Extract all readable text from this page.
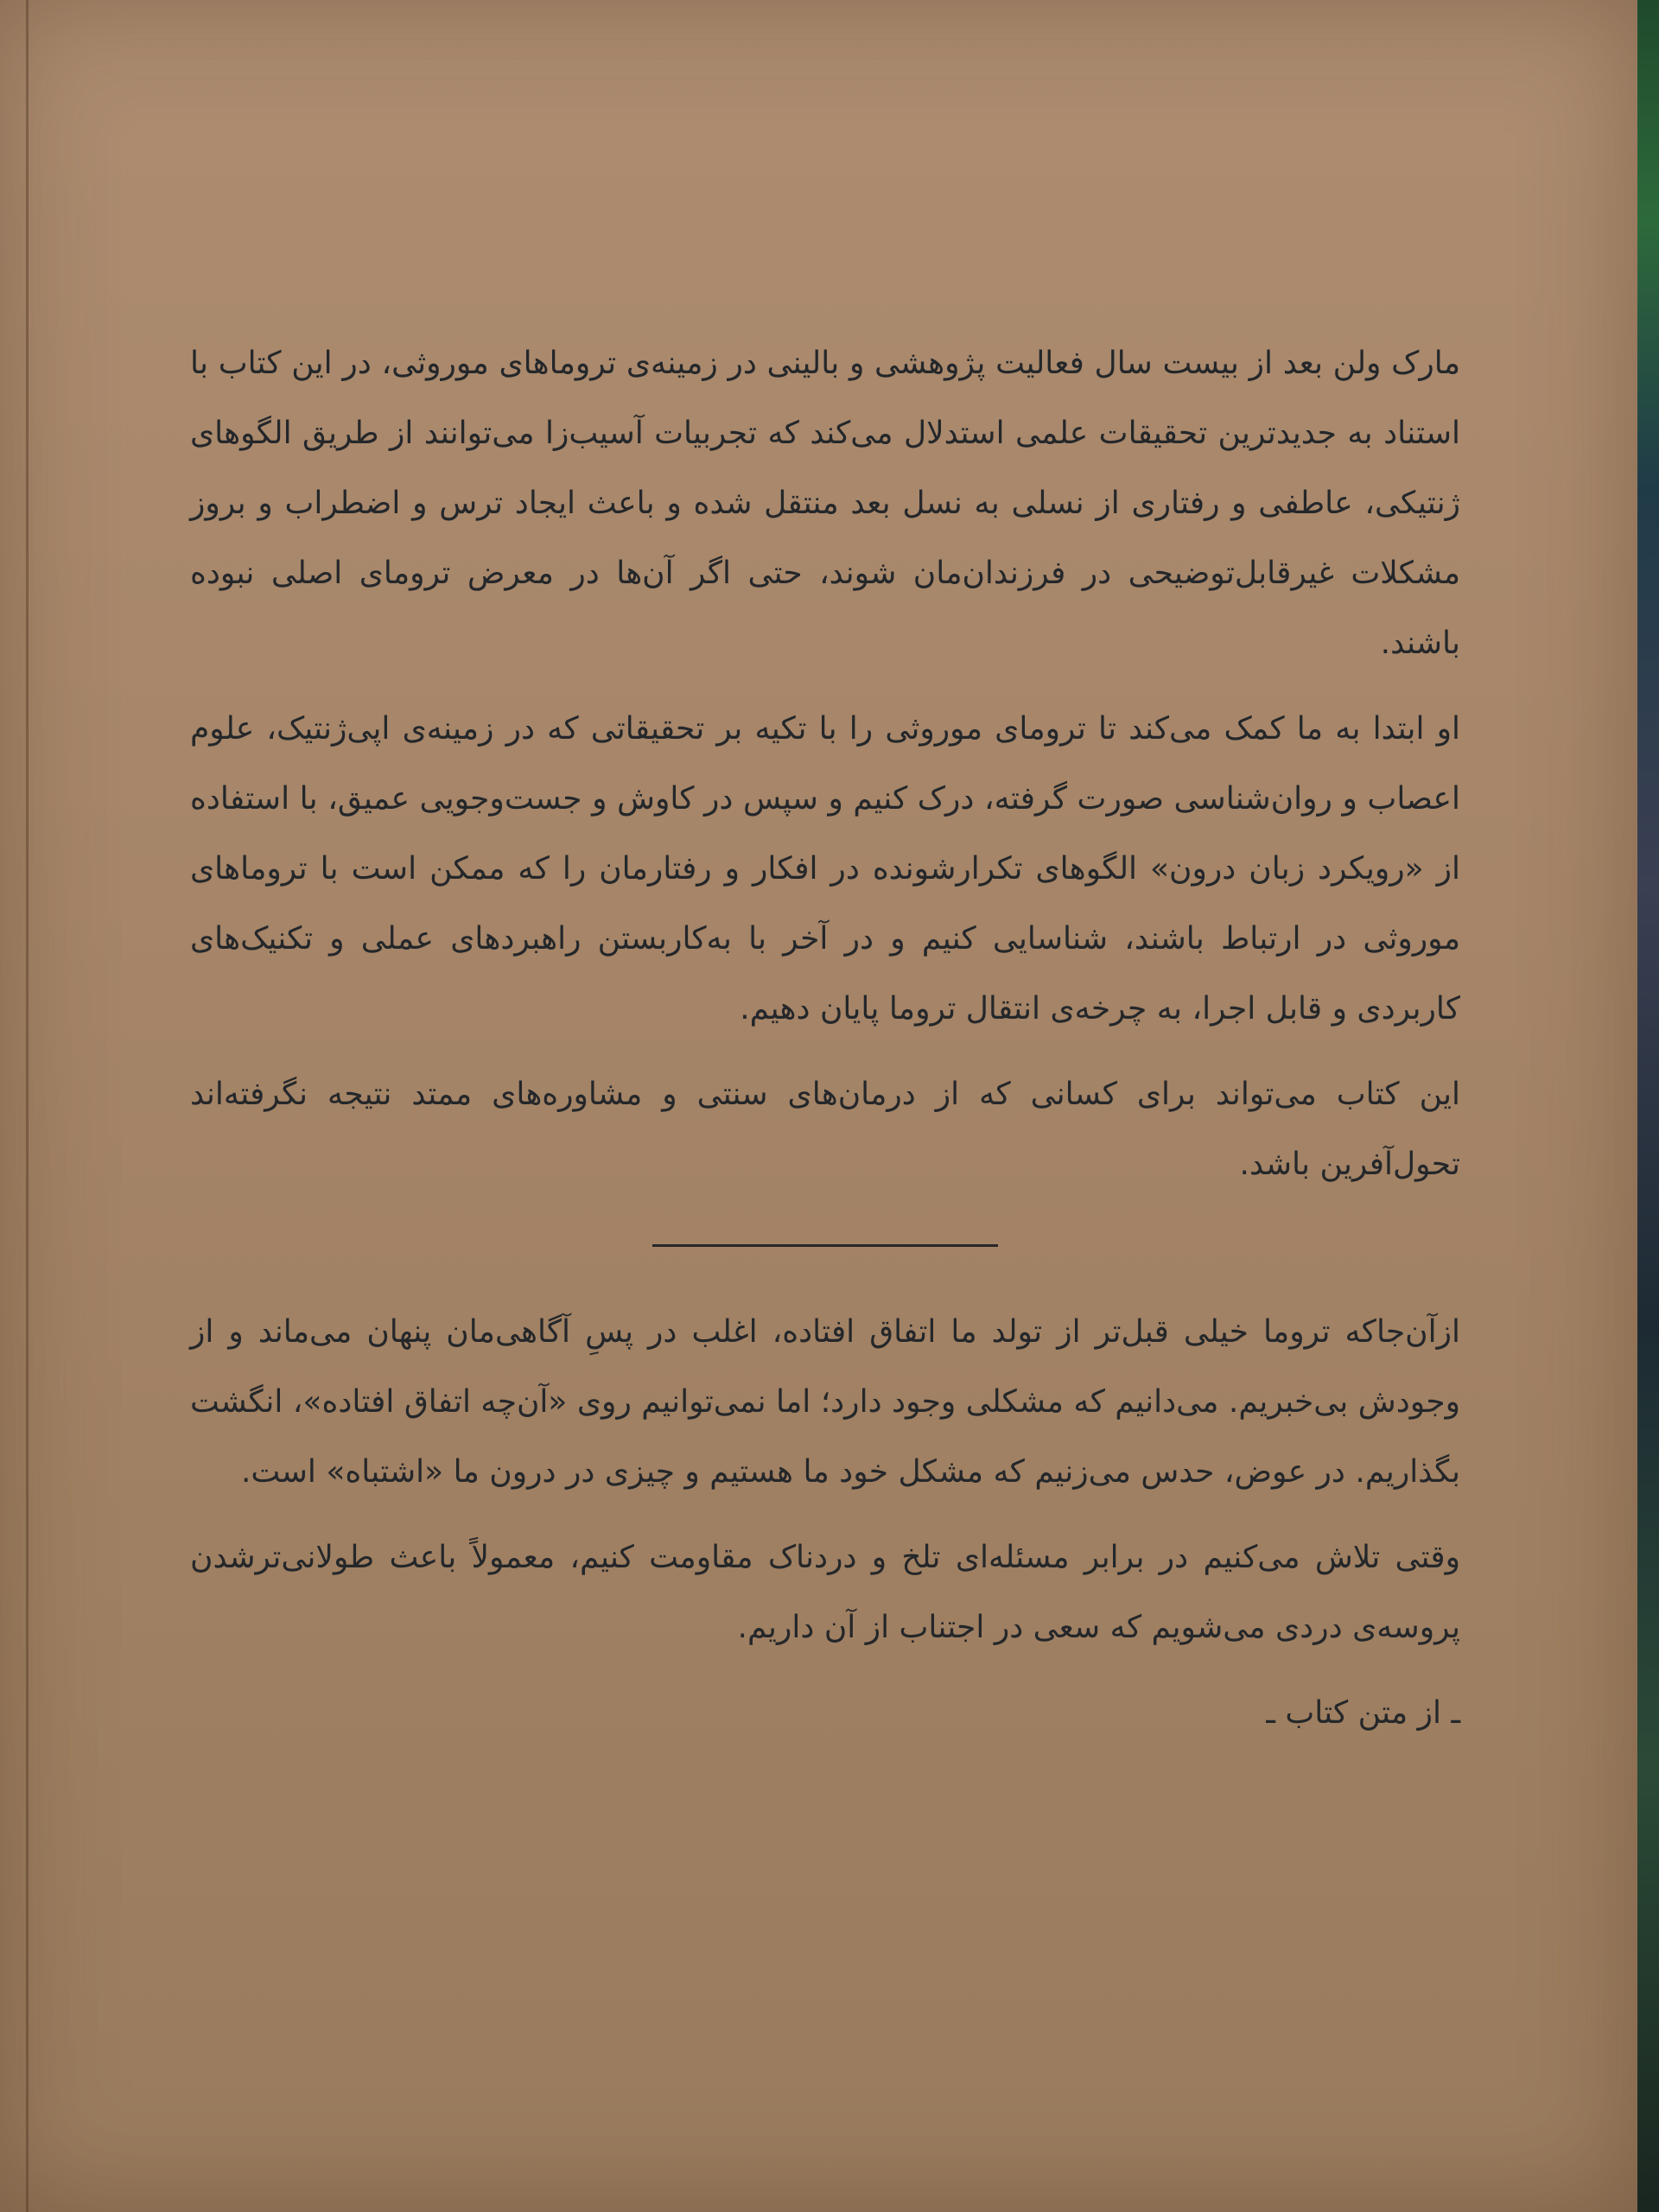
مارک ولن بعد از بیست سال فعالیت پژوهشی و بالینی در زمینه‌ی تروماهای موروثی، در این کتاب با استناد به جدیدترین تحقیقات علمی استدلال می‌کند که تجربیات آسیب‌زا می‌توانند از طریق الگوهای ژنتیکی، عاطفی و رفتاری از نسلی به نسل بعد منتقل شده و باعث ایجاد ترس و اضطراب و بروز مشکلات غیرقابل‌توضیحی در فرزندان‌مان شوند، حتی اگر آن‌ها در معرض ترومای اصلی نبوده باشند.

او ابتدا به ما کمک می‌کند تا ترومای موروثی را با تکیه بر تحقیقاتی که در زمینه‌ی اپی‌ژنتیک، علوم اعصاب و روان‌شناسی صورت گرفته، درک کنیم و سپس در کاوش و جست‌وجویی عمیق، با استفاده از «رویکرد زبان درون» الگوهای تکرارشونده در افکار و رفتارمان را که ممکن است با تروماهای موروثی در ارتباط باشند، شناسایی کنیم و در آخر با به‌کاربستن راهبردهای عملی و تکنیک‌های کاربردی و قابل اجرا، به چرخه‌ی انتقال تروما پایان دهیم.

این کتاب می‌تواند برای کسانی که از درمان‌های سنتی و مشاوره‌های ممتد نتیجه نگرفته‌اند تحول‌آفرین باشد.

ازآن‌جاکه تروما خیلی قبل‌تر از تولد ما اتفاق افتاده، اغلب در پسِ آگاهی‌مان پنهان می‌ماند و از وجودش بی‌خبریم. می‌دانیم که مشکلی وجود دارد؛ اما نمی‌توانیم روی «آن‌چه اتفاق افتاده»، انگشت بگذاریم. در عوض، حدس می‌زنیم که مشکل خود ما هستیم و چیزی در درون ما «اشتباه» است.

وقتی تلاش می‌کنیم در برابر مسئله‌ای تلخ و دردناک مقاومت کنیم، معمولاً باعث طولانی‌ترشدن پروسه‌ی دردی می‌شویم که سعی در اجتناب از آن داریم.

ـ از متن کتاب ـ
